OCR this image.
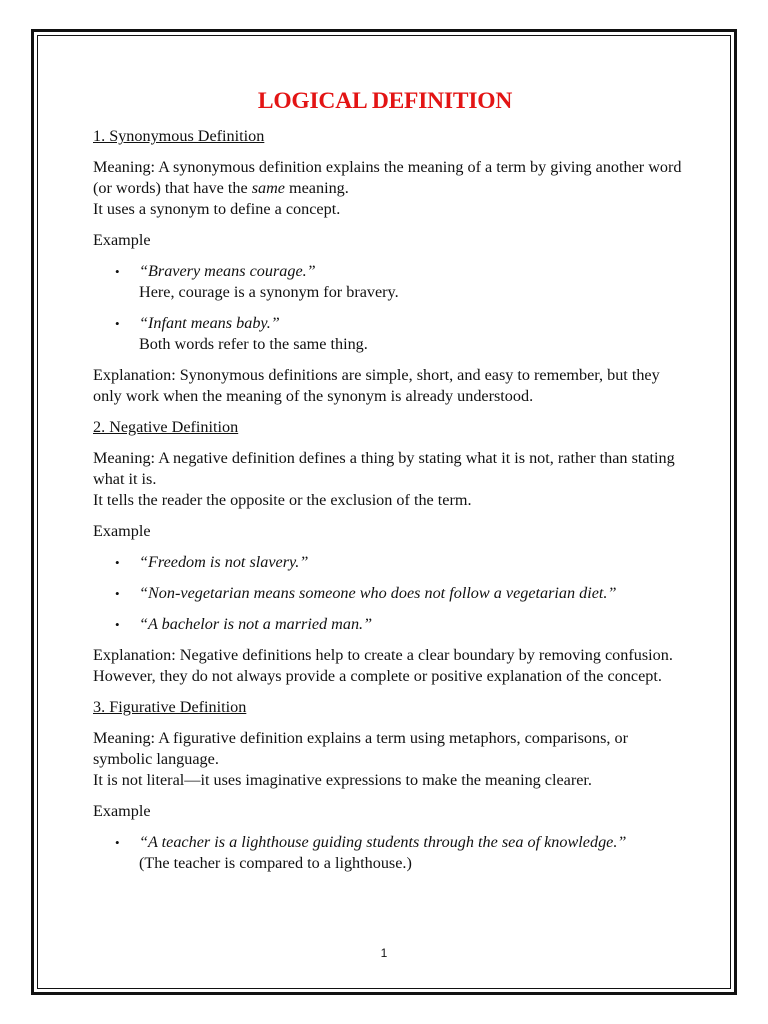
LOGICAL DEFINITION
1. Synonymous Definition
Meaning: A synonymous definition explains the meaning of a term by giving another word (or words) that have the same meaning.
It uses a synonym to define a concept.
Example
• “Bravery means courage.”
Here, courage is a synonym for bravery.
• “Infant means baby.”
Both words refer to the same thing.
Explanation: Synonymous definitions are simple, short, and easy to remember, but they only work when the meaning of the synonym is already understood.
2. Negative Definition
Meaning: A negative definition defines a thing by stating what it is not, rather than stating what it is.
It tells the reader the opposite or the exclusion of the term.
Example
• “Freedom is not slavery.”
• “Non-vegetarian means someone who does not follow a vegetarian diet.”
• “A bachelor is not a married man.”
Explanation: Negative definitions help to create a clear boundary by removing confusion. However, they do not always provide a complete or positive explanation of the concept.
3. Figurative Definition
Meaning: A figurative definition explains a term using metaphors, comparisons, or symbolic language.
It is not literal—it uses imaginative expressions to make the meaning clearer.
Example
• “A teacher is a lighthouse guiding students through the sea of knowledge.”
(The teacher is compared to a lighthouse.)
1
